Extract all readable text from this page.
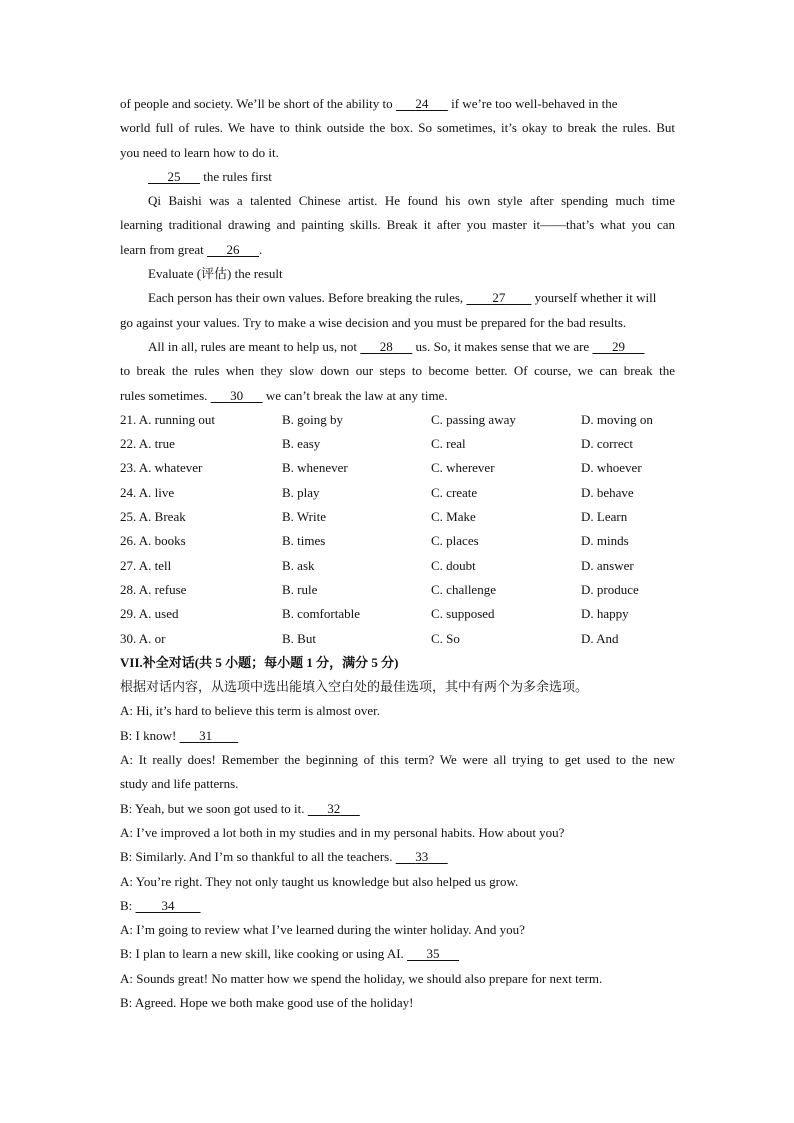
of people and society. We’ll be short of the ability to 24 if we’re too well-behaved in the
world full of rules. We have to think outside the box. So sometimes, it’s okay to break the rules. But
you need to learn how to do it.
25 the rules first
Qi Baishi was a talented Chinese artist. He found his own style after spending much time
learning traditional drawing and painting skills. Break it after you master it——that’s what you can
learn from great 26 .
Evaluate (评估) the result
Each person has their own values. Before breaking the rules, 27 yourself whether it will
go against your values. Try to make a wise decision and you must be prepared for the bad results.
All in all, rules are meant to help us, not 28 us. So, it makes sense that we are 29
to break the rules when they slow down our steps to become better. Of course, we can break the
rules sometimes. 30 we can’t break the law at any time.
21. A. running out	B. going by	C. passing away	D. moving on
22. A. true	B. easy	C. real	D. correct
23. A. whatever	B. whenever	C. wherever	D. whoever
24. A. live	B. play	C. create	D. behave
25. A. Break	B. Write	C. Make	D. Learn
26. A. books	B. times	C. places	D. minds
27. A. tell	B. ask	C. doubt	D. answer
28. A. refuse	B. rule	C. challenge	D. produce
29. A. used	B. comfortable	C. supposed	D. happy
30. A. or	B. But	C. So	D. And
VII.补全对话(共 5 小题；每小题 1 分，满分 5 分)
根据对话内容，从选项中选出能填入空白处的最佳选项，其中有两个为多余选项。
A: Hi, it’s hard to believe this term is almost over.
B: I know! 31
A: It really does! Remember the beginning of this term? We were all trying to get used to the new
study and life patterns.
B: Yeah, but we soon got used to it. 32
A: I’ve improved a lot both in my studies and in my personal habits. How about you?
B: Similarly. And I’m so thankful to all the teachers. 33
A: You’re right. They not only taught us knowledge but also helped us grow.
B: 34
A: I’m going to review what I’ve learned during the winter holiday. And you?
B: I plan to learn a new skill, like cooking or using AI. 35
A: Sounds great! No matter how we spend the holiday, we should also prepare for next term.
B: Agreed. Hope we both make good use of the holiday!
